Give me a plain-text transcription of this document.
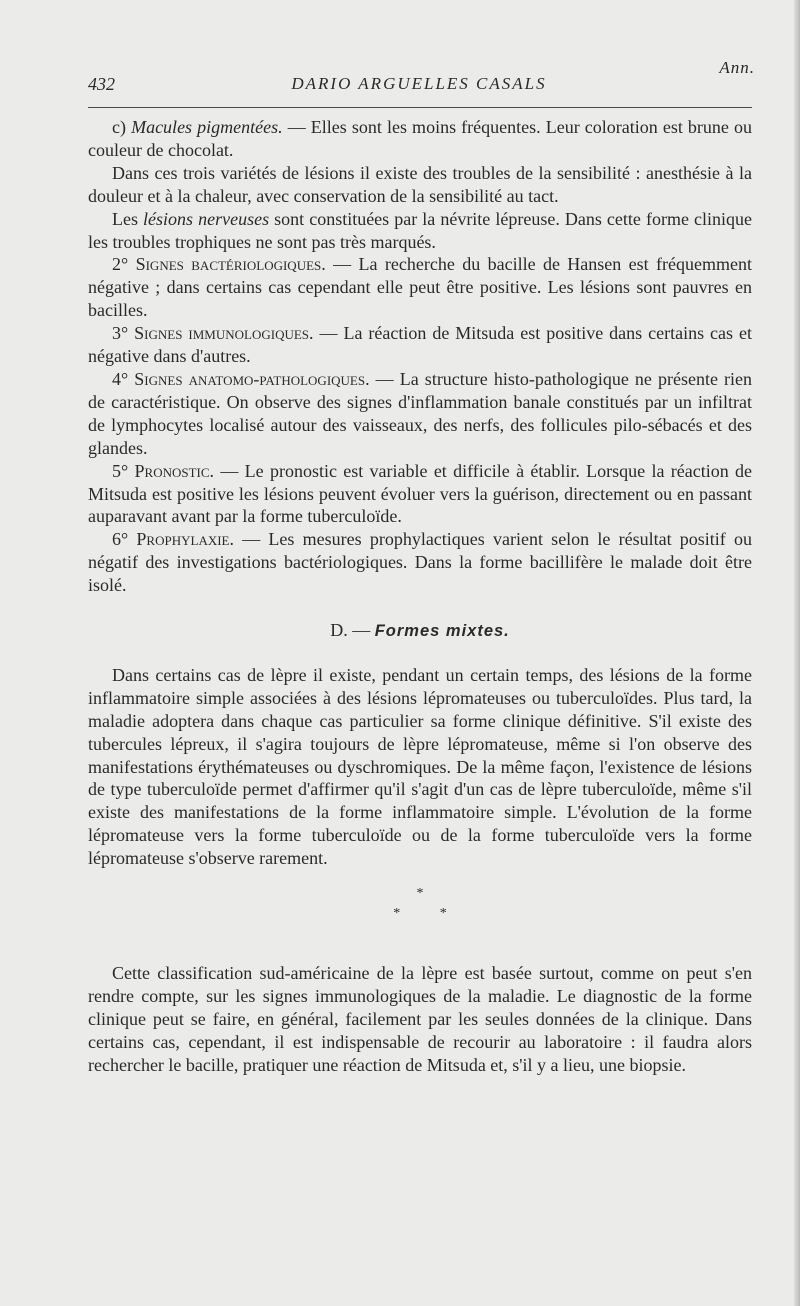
Ann.
432	DARIO ARGUELLES CASALS

c) Macules pigmentées. — Elles sont les moins fréquentes. Leur coloration est brune ou couleur de chocolat.

Dans ces trois variétés de lésions il existe des troubles de la sensibilité : anesthésie à la douleur et à la chaleur, avec conservation de la sensibilité au tact.

Les lésions nerveuses sont constituées par la névrite lépreuse. Dans cette forme clinique les troubles trophiques ne sont pas très marqués.

2° Signes bactériologiques. — La recherche du bacille de Hansen est fréquemment négative ; dans certains cas cependant elle peut être positive. Les lésions sont pauvres en bacilles.

3° Signes immunologiques. — La réaction de Mitsuda est positive dans certains cas et négative dans d'autres.

4° Signes anatomo-pathologiques. — La structure histo-pathologique ne présente rien de caractéristique. On observe des signes d'inflammation banale constitués par un infiltrat de lymphocytes localisé autour des vaisseaux, des nerfs, des follicules pilo-sébacés et des glandes.

5° Pronostic. — Le pronostic est variable et difficile à établir. Lorsque la réaction de Mitsuda est positive les lésions peuvent évoluer vers la guérison, directement ou en passant auparavant avant par la forme tuberculoïde.

6° Prophylaxie. — Les mesures prophylactiques varient selon le résultat positif ou négatif des investigations bactériologiques. Dans la forme bacillifère le malade doit être isolé.

D. — Formes mixtes.

Dans certains cas de lèpre il existe, pendant un certain temps, des lésions de la forme inflammatoire simple associées à des lésions lépromateuses ou tuberculoïdes. Plus tard, la maladie adoptera dans chaque cas particulier sa forme clinique définitive. S'il existe des tubercules lépreux, il s'agira toujours de lèpre lépromateuse, même si l'on observe des manifestations érythémateuses ou dyschromiques. De la même façon, l'existence de lésions de type tuberculoïde permet d'affirmer qu'il s'agit d'un cas de lèpre tuberculoïde, même s'il existe des manifestations de la forme inflammatoire simple. L'évolution de la forme lépromateuse vers la forme tuberculoïde ou de la forme tuberculoïde vers la forme lépromateuse s'observe rarement.

*
* *

Cette classification sud-américaine de la lèpre est basée surtout, comme on peut s'en rendre compte, sur les signes immunologiques de la maladie. Le diagnostic de la forme clinique peut se faire, en général, facilement par les seules données de la clinique. Dans certains cas, cependant, il est indispensable de recourir au laboratoire : il faudra alors rechercher le bacille, pratiquer une réaction de Mitsuda et, s'il y a lieu, une biopsie.
